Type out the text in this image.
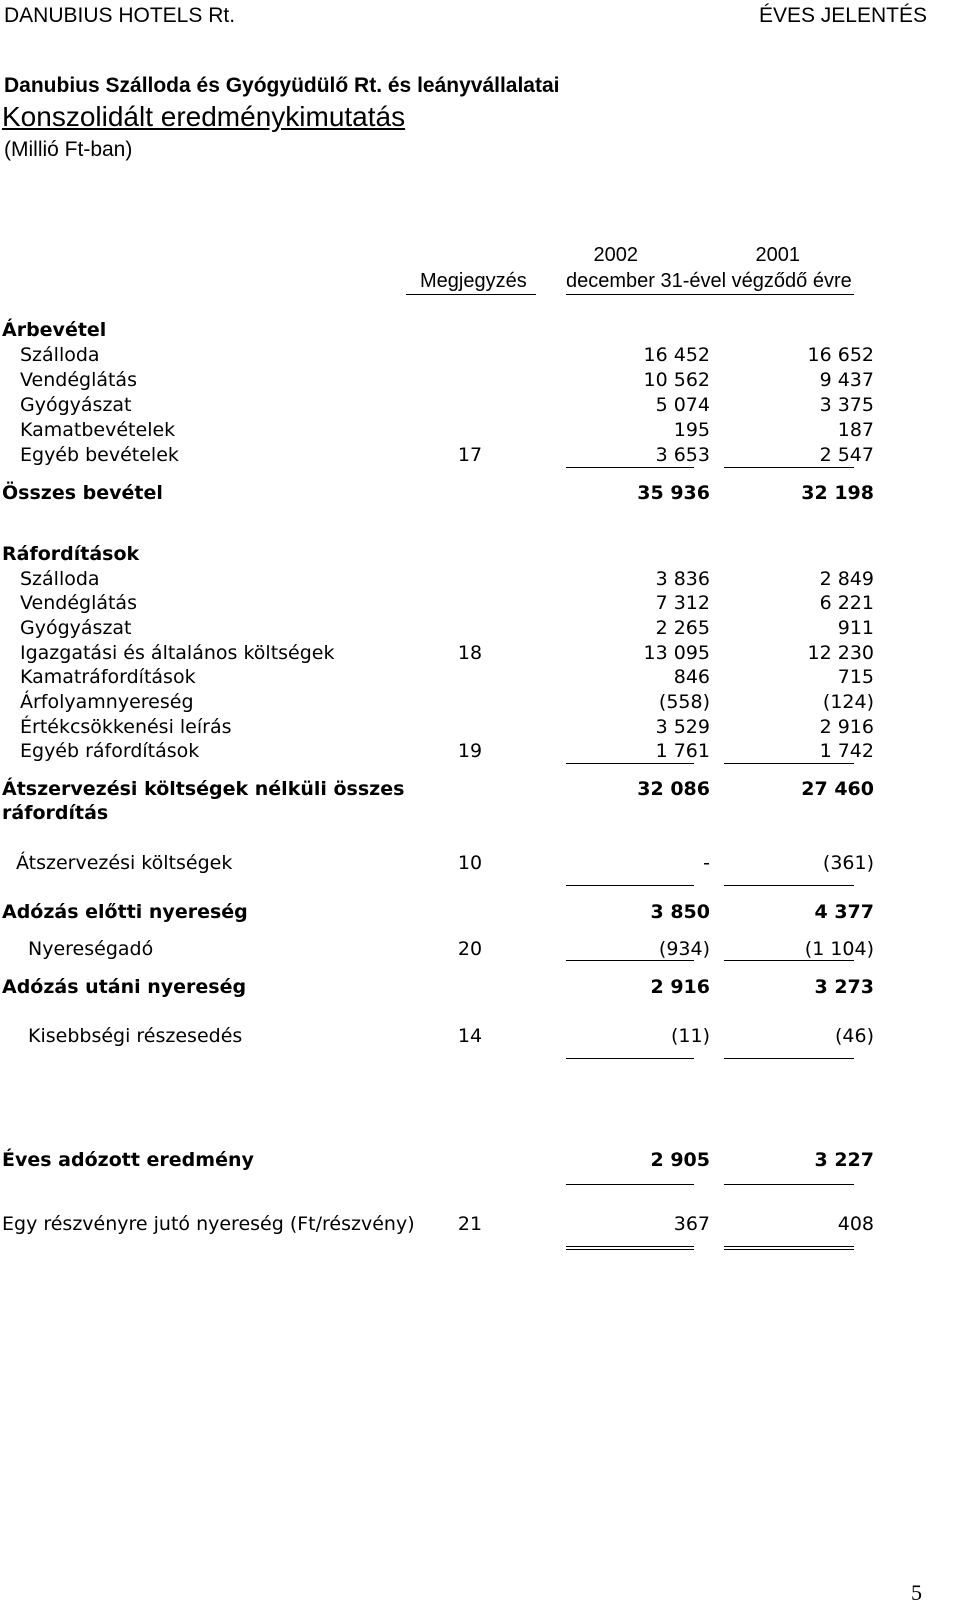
DANUBIUS HOTELS Rt.	ÉVES JELENTÉS
Danubius Szálloda és Gyógyüdülő Rt. és leányvállalatai
Konszolidált eredménykimutatás
(Millió Ft-ban)
2002	2001
Megjegyzés december 31-ével végződő évre
Árbevétel
Szálloda	16 452	16 652
Vendéglátás	10 562	9 437
Gyógyászat	5 074	3 375
Kamatbevételek	195	187
Egyéb bevételek	17	3 653	2 547
Összes bevétel	35 936	32 198
Ráfordítások
Szálloda	3 836	2 849
Vendéglátás	7 312	6 221
Gyógyászat	2 265	911
Igazgatási és általános költségek	18	13 095	12 230
Kamatráfordítások	846	715
Árfolyamnyereség	(558)	(124)
Értékcsökkenési leírás	3 529	2 916
Egyéb ráfordítások	19	1 761	1 742
Átszervezési költségek nélküli összes
ráfordítás
32 086	27 460
Átszervezési költségek	10	-	(361)
Adózás előtti nyereség	3 850	4 377
Nyereségadó	20	(934)	(1 104)
Adózás utáni nyereség	2 916	3 273
Kisebbségi részesedés	14	(11)	(46)
Éves adózott eredmény	2 905	3 227
Egy részvényre jutó nyereség (Ft/részvény)	21	367	408
5
